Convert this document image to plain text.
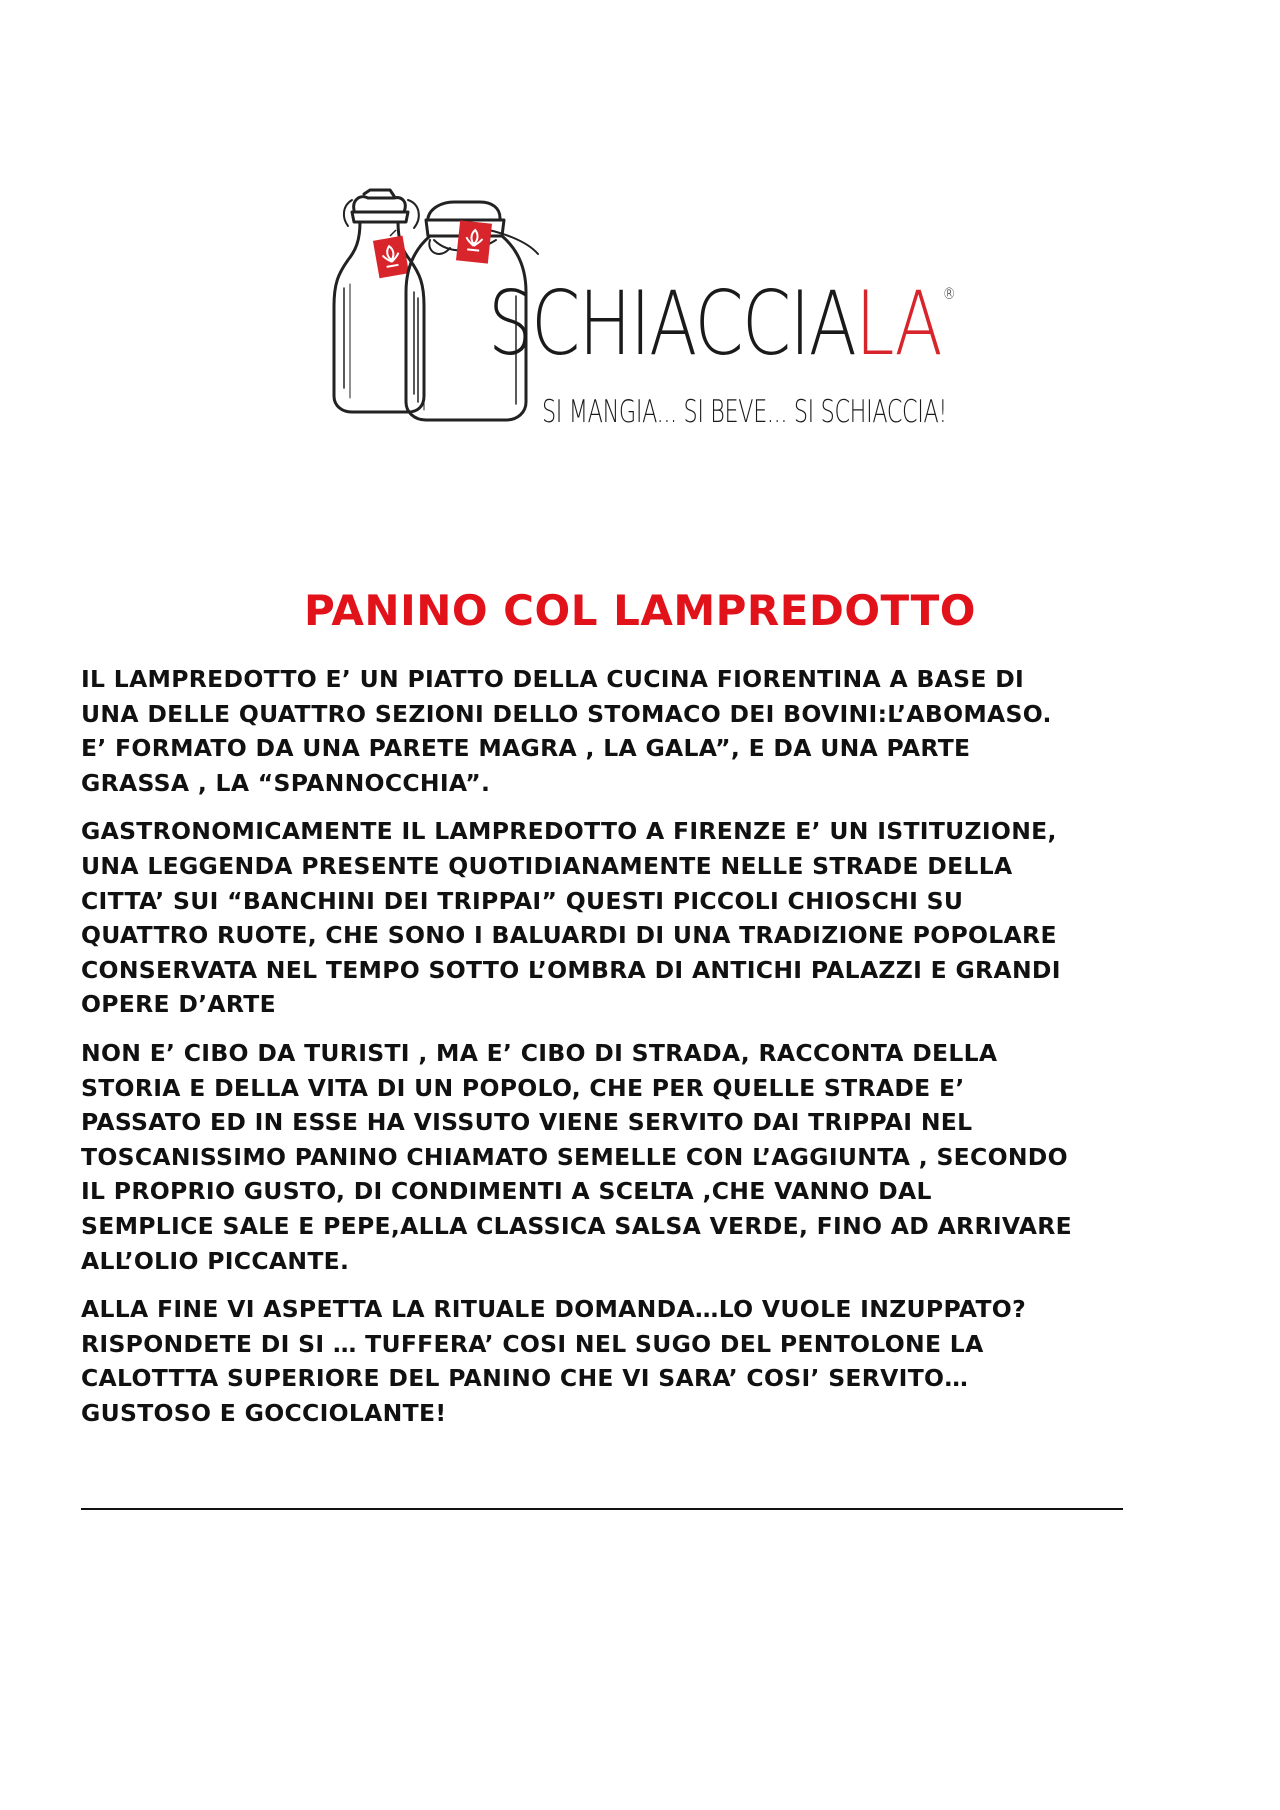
SCHIACCIALA ®
SI MANGIA... SI BEVE... SI SCHIACCIA!
PANINO COL LAMPREDOTTO

IL LAMPREDOTTO E’ UN PIATTO DELLA CUCINA FIORENTINA A BASE DI
UNA DELLE QUATTRO SEZIONI DELLO STOMACO DEI BOVINI:L’ABOMASO.
E’ FORMATO DA UNA PARETE MAGRA , LA GALA”, E DA UNA PARTE
GRASSA , LA “SPANNOCCHIA”.

GASTRONOMICAMENTE IL LAMPREDOTTO A FIRENZE E’ UN ISTITUZIONE,
UNA LEGGENDA PRESENTE QUOTIDIANAMENTE NELLE STRADE DELLA
CITTA’ SUI “BANCHINI DEI TRIPPAI” QUESTI PICCOLI CHIOSCHI SU
QUATTRO RUOTE, CHE SONO I BALUARDI DI UNA TRADIZIONE POPOLARE
CONSERVATA NEL TEMPO SOTTO L’OMBRA DI ANTICHI PALAZZI E GRANDI
OPERE D’ARTE

NON E’ CIBO DA TURISTI , MA E’ CIBO DI STRADA, RACCONTA DELLA
STORIA E DELLA VITA DI UN POPOLO, CHE PER QUELLE STRADE E’
PASSATO ED IN ESSE HA VISSUTO VIENE SERVITO DAI TRIPPAI NEL
TOSCANISSIMO PANINO CHIAMATO SEMELLE CON L’AGGIUNTA , SECONDO
IL PROPRIO GUSTO, DI CONDIMENTI A SCELTA ,CHE VANNO DAL
SEMPLICE SALE E PEPE,ALLA CLASSICA SALSA VERDE, FINO AD ARRIVARE
ALL’OLIO PICCANTE.

ALLA FINE VI ASPETTA LA RITUALE DOMANDA…LO VUOLE INZUPPATO?
RISPONDETE DI SI … TUFFERA’ COSI NEL SUGO DEL PENTOLONE LA
CALOTTTA SUPERIORE DEL PANINO CHE VI SARA’ COSI’ SERVITO…
GUSTOSO E GOCCIOLANTE!
